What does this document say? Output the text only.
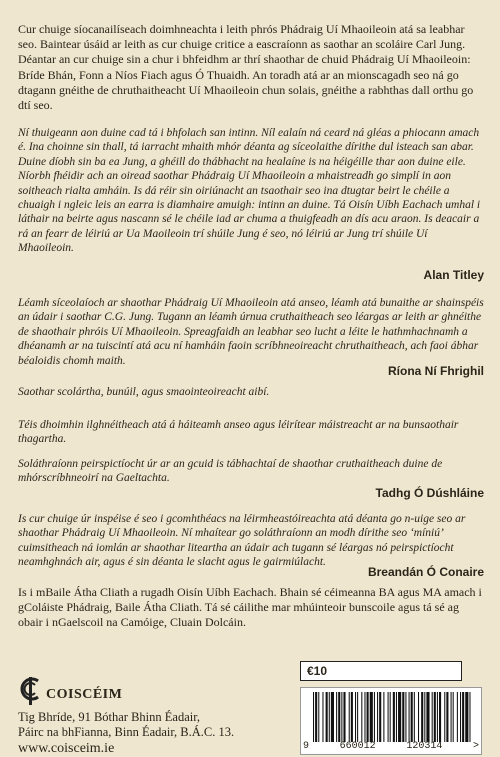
Cur chuige síocanailíseach doimhneachta i leith phrós Phádraig Uí Mhaoileoin atá sa leabhar seo. Baintear úsáid ar leith as cur chuige critice a eascraíonn as saothar an scoláire Carl Jung. Déantar an cur chuige sin a chur i bhfeidhm ar thrí shaothar de chuid Phádraig Uí Mhaoileoin: Bríde Bhán, Fonn a Níos Fiach agus Ó Thuaidh. An toradh atá ar an mionscagadh seo ná go dtagann gnéithe de chruthaitheacht Uí Mhaoileoin chun solais, gnéithe a rabhthas dall orthu go dtí seo.

Ní thuigeann aon duine cad tá i bhfolach san intinn. Níl ealaín ná ceard ná gléas a phiocann amach é. Ina choinne sin thall, tá iarracht mhaith mhór déanta ag síceolaithe dírithe dul isteach san abar. Duine díobh sin ba ea Jung, a ghéill do thábhacht na healaíne is na héigéille thar aon duine eile. Níorbh fhéidir ach an oiread saothar Phádraig Uí Mhaoileoin a mhaistreadh go simplí in aon soitheach rialta amháin. Is dá réir sin oiriúnacht an tsaothair seo ina dtugtar beirt le chéile a chuaigh i ngleic leis an earra is diamhaire amuigh: intinn an duine. Tá Oisín Uíbh Eachach umhal i láthair na beirte agus nascann sé le chéile iad ar chuma a thuigfeadh an dís acu araon. Is deacair a rá an fearr de léiriú ar Ua Maoileoin trí shúile Jung é seo, nó léiriú ar Jung trí shúile Uí Mhaoileoin.

Alan Titley

Léamh síceolaíoch ar shaothar Phádraig Uí Mhaoileoin atá anseo, léamh atá bunaithe ar shainspéis an údair i saothar C.G. Jung. Tugann an léamh úrnua cruthaitheach seo léargas ar leith ar ghnéithe de shaothair phróis Uí Mhaoileoin. Spreagfaidh an leabhar seo lucht a léite le hathmhachnamh a dhéanamh ar na tuiscintí atá acu ní hamháin faoin scríbhneoireacht chruthaitheach, ach faoi ábhar béaloidis chomh maith.

Ríona Ní Fhrighil

Saothar scolártha, bunúil, agus smaointeoireacht aibí.

Téis dhoimhin ilghnéitheach atá á háiteamh anseo agus léirítear máistreacht ar na bunsaothair thagartha.

Soláthraíonn peirspictíocht úr ar an gcuid is tábhachtaí de shaothar cruthaitheach duine de mhórscríbhneoirí na Gaeltachta.

Tadhg Ó Dúshláine

Is cur chuige úr inspéise é seo i gcomhthéacs na léirmheastóireachta atá déanta go n-uige seo ar shaothar Phádraig Uí Mhaoileoin. Ní mhaítear go soláthraíonn an modh dírithe seo ‘míniú’ cuimsitheach ná iomlán ar shaothar liteartha an údair ach tugann sé léargas nó peirspictíocht neamhghnách air, agus é sin déanta le slacht agus le gairmiúlacht.

Breandán Ó Conaire

Is i mBaile Átha Cliath a rugadh Oisín Uíbh Eachach. Bhain sé céimeanna BA agus MA amach i gColáiste Phádraig, Baile Átha Cliath. Tá sé cáilithe mar mhúinteoir bunscoile agus tá sé ag obair i nGaelscoil na Camóige, Cluain Dolcáin.

COISCÉIM
Tig Bhríde, 91 Bóthar Bhinn Éadair,
Páirc na bhFianna, Binn Éadair, B.Á.C. 13.
www.coisceim.ie
€10
9	660012	120314	>
